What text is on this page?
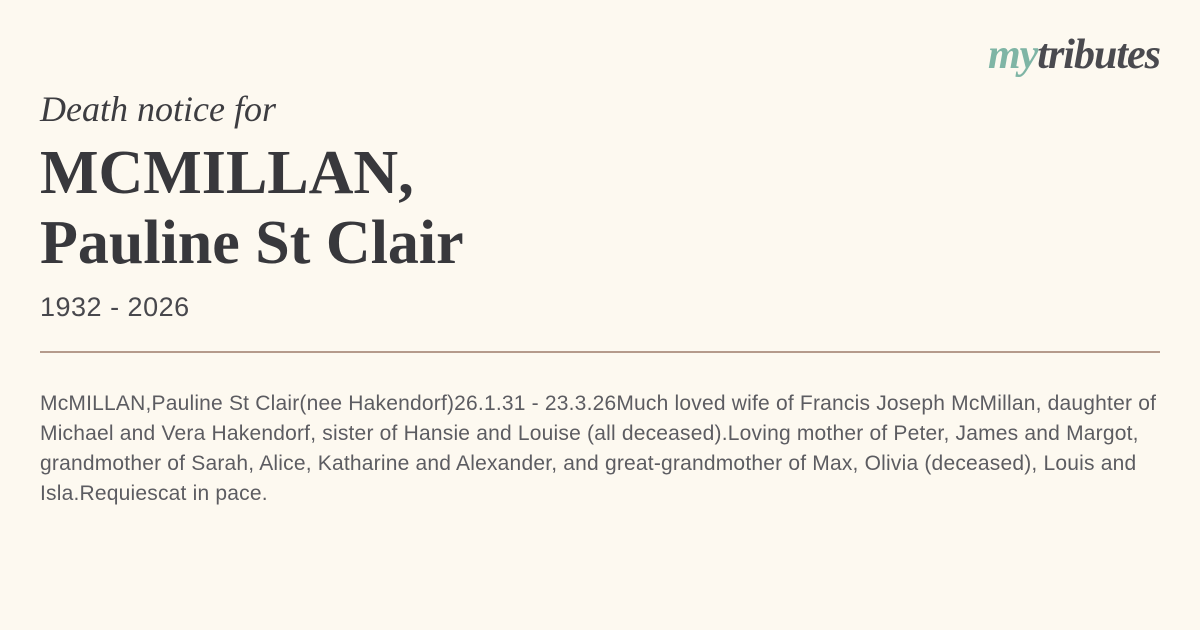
mytributes
Death notice for
MCMILLAN,
Pauline St Clair
1932 - 2026

McMILLAN,Pauline St Clair(nee Hakendorf)26.1.31 - 23.3.26Much loved wife of Francis Joseph McMillan, daughter of Michael and Vera Hakendorf, sister of Hansie and Louise (all deceased).Loving mother of Peter, James and Margot, grandmother of Sarah, Alice, Katharine and Alexander, and great-grandmother of Max, Olivia (deceased), Louis and Isla.Requiescat in pace.
